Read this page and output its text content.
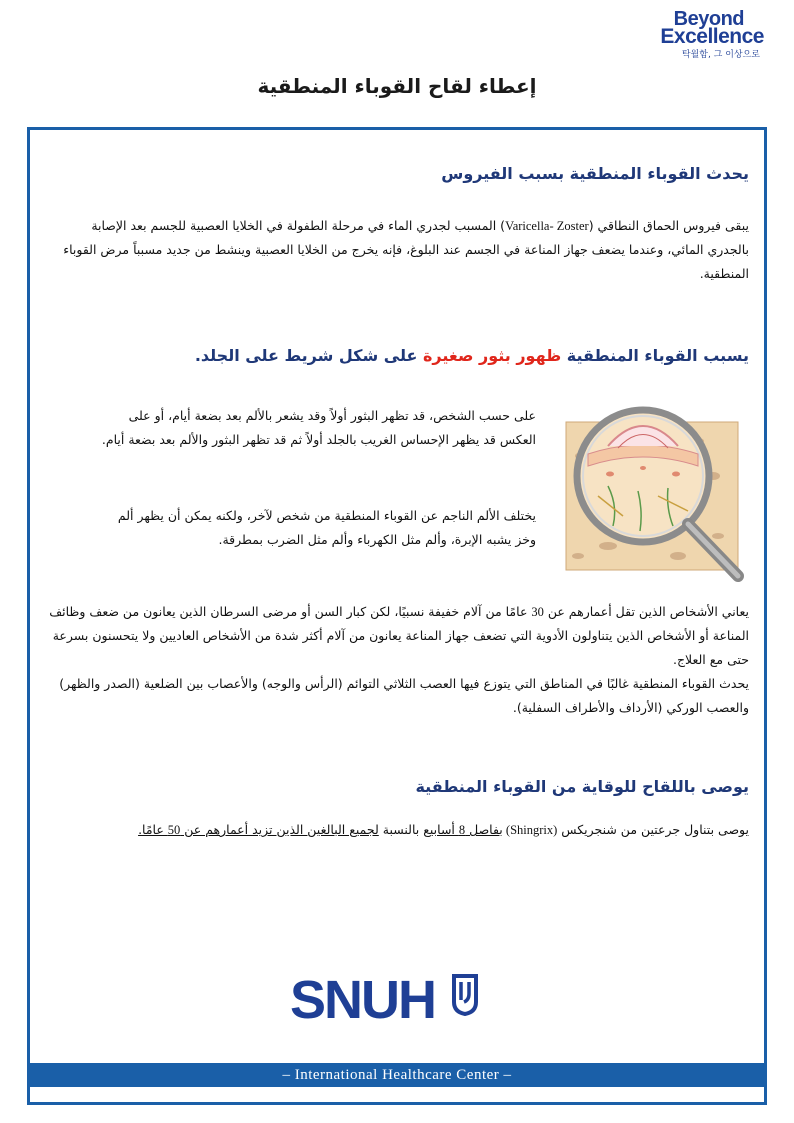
Beyond
Excellence
탁월함, 그 이상으로
إعطاء لقاح القوباء المنطقية
– International Healthcare Center –
يحدث القوباء المنطقية بسبب الفيروس
يبقى فيروس الحماق النطاقي (Varicella- Zoster) المسبب لجدري الماء في مرحلة الطفولة في الخلايا العصبية للجسم بعد الإصابة بالجدري المائي، وعندما يضعف جهاز المناعة في الجسم عند البلوغ، فإنه يخرج من الخلايا العصبية وينشط من جديد مسبباً مرض القوباء المنطقية.
يسبب القوباء المنطقية ظهور بثور صغيرة على شكل شريط على الجلد.
على حسب الشخص، قد تظهر البثور أولاً وقد يشعر بالألم بعد بضعة أيام، أو على العكس قد يظهر الإحساس الغريب بالجلد أولاً ثم قد تظهر البثور والألم بعد بضعة أيام.
يختلف الألم الناجم عن القوباء المنطقية من شخص لآخر، ولكنه يمكن أن يظهر ألم وخز يشبه الإبرة، وألم مثل الكهرباء وألم مثل الضرب بمطرقة.
يعاني الأشخاص الذين تقل أعمارهم عن 30 عامًا من آلام خفيفة نسبيًا، لكن كبار السن أو مرضى السرطان الذين يعانون من ضعف وظائف المناعة أو الأشخاص الذين يتناولون الأدوية التي تضعف جهاز المناعة يعانون من آلام أكثر شدة من الأشخاص العاديين ولا يتحسنون بسرعة حتى مع العلاج.
يحدث القوباء المنطقية غالبًا في المناطق التي يتوزع فيها العصب الثلاثي التوائم (الرأس والوجه) والأعصاب بين الضلعية (الصدر والظهر) والعصب الوركي (الأرداف والأطراف السفلية).
يوصى باللقاح للوقاية من القوباء المنطقية
يوصى بتناول جرعتين من شنجريكس (Shingrix) بفاصل 8 أسابيع بالنسبة لجميع البالغين الذين تزيد أعمارهم عن 50 عامًا.
SNUH
